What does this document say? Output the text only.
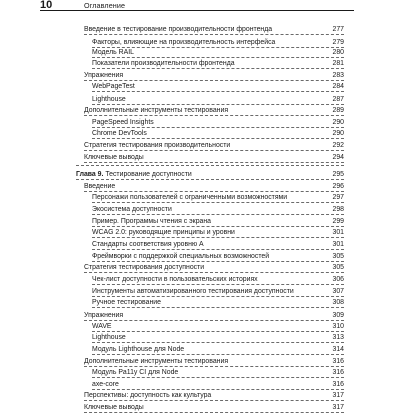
10	Оглавление
Введение в тестирование производительности фронтенда	277
Факторы, влияющие на производительность интерфейса	279
Модель RAIL	280
Показатели производительности фронтенда	281
Упражнения	283
WebPageTest	284
Lighthouse	287
Дополнительные инструменты тестирования	289
PageSpeed Insights	290
Chrome DevTools	290
Стратегия тестирования производительности	292
Ключевые выводы	294
Глава 9. Тестирование доступности	295
Введение	296
Персонажи пользователей с ограниченными возможностями	297
Экосистема доступности	298
Пример. Программы чтения с экрана	299
WCAG 2.0: руководящие принципы и уровни	301
Стандарты соответствия уровню A	301
Фреймворки с поддержкой специальных возможностей	305
Стратегия тестирования доступности	305
Чек-лист доступности в пользовательских историях	306
Инструменты автоматизированного тестирования доступности	307
Ручное тестирование	308
Упражнения	309
WAVE	310
Lighthouse	313
Модуль Lighthouse для Node	314
Дополнительные инструменты тестирования	316
Модуль Pa11y CI для Node	316
axe-core	316
Перспективы: доступность как культура	317
Ключевые выводы	317
